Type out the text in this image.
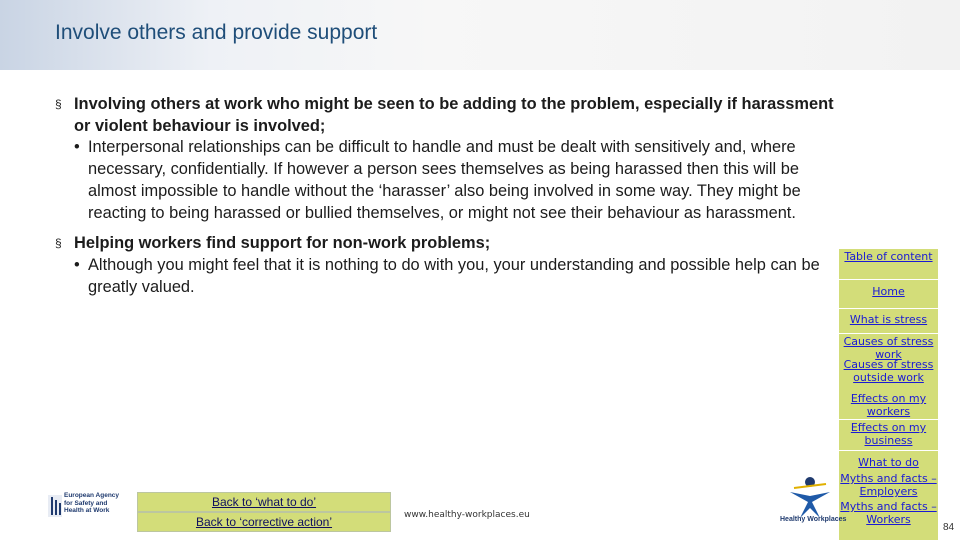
Involve others and provide support
§ Involving others at work who might be seen to be adding to the problem, especially if harassment or violent behaviour is involved;
• Interpersonal relationships can be difficult to handle and must be dealt with sensitively and, where necessary, confidentially. If however a person sees themselves as being harassed then this will be almost impossible to handle without the ‘harasser’ also being involved in some way. They might be reacting to being harassed or bullied themselves, or might not see their behaviour as harassment.
§ Helping workers find support for non-work problems;
• Although you might feel that it is nothing to do with you, your understanding and possible help can be greatly valued.
Table of content
Home
What is stress
Causes of stress work
Causes of stress outside work
Effects on my workers
Effects on my business
What to do
Myths and facts – Employers
Myths and facts – Workers
European Agency for Safety and Health at Work
Back to ‘what to do’
Back to ‘corrective action’	www.healthy-workplaces.eu	Healthy Workplaces
84
